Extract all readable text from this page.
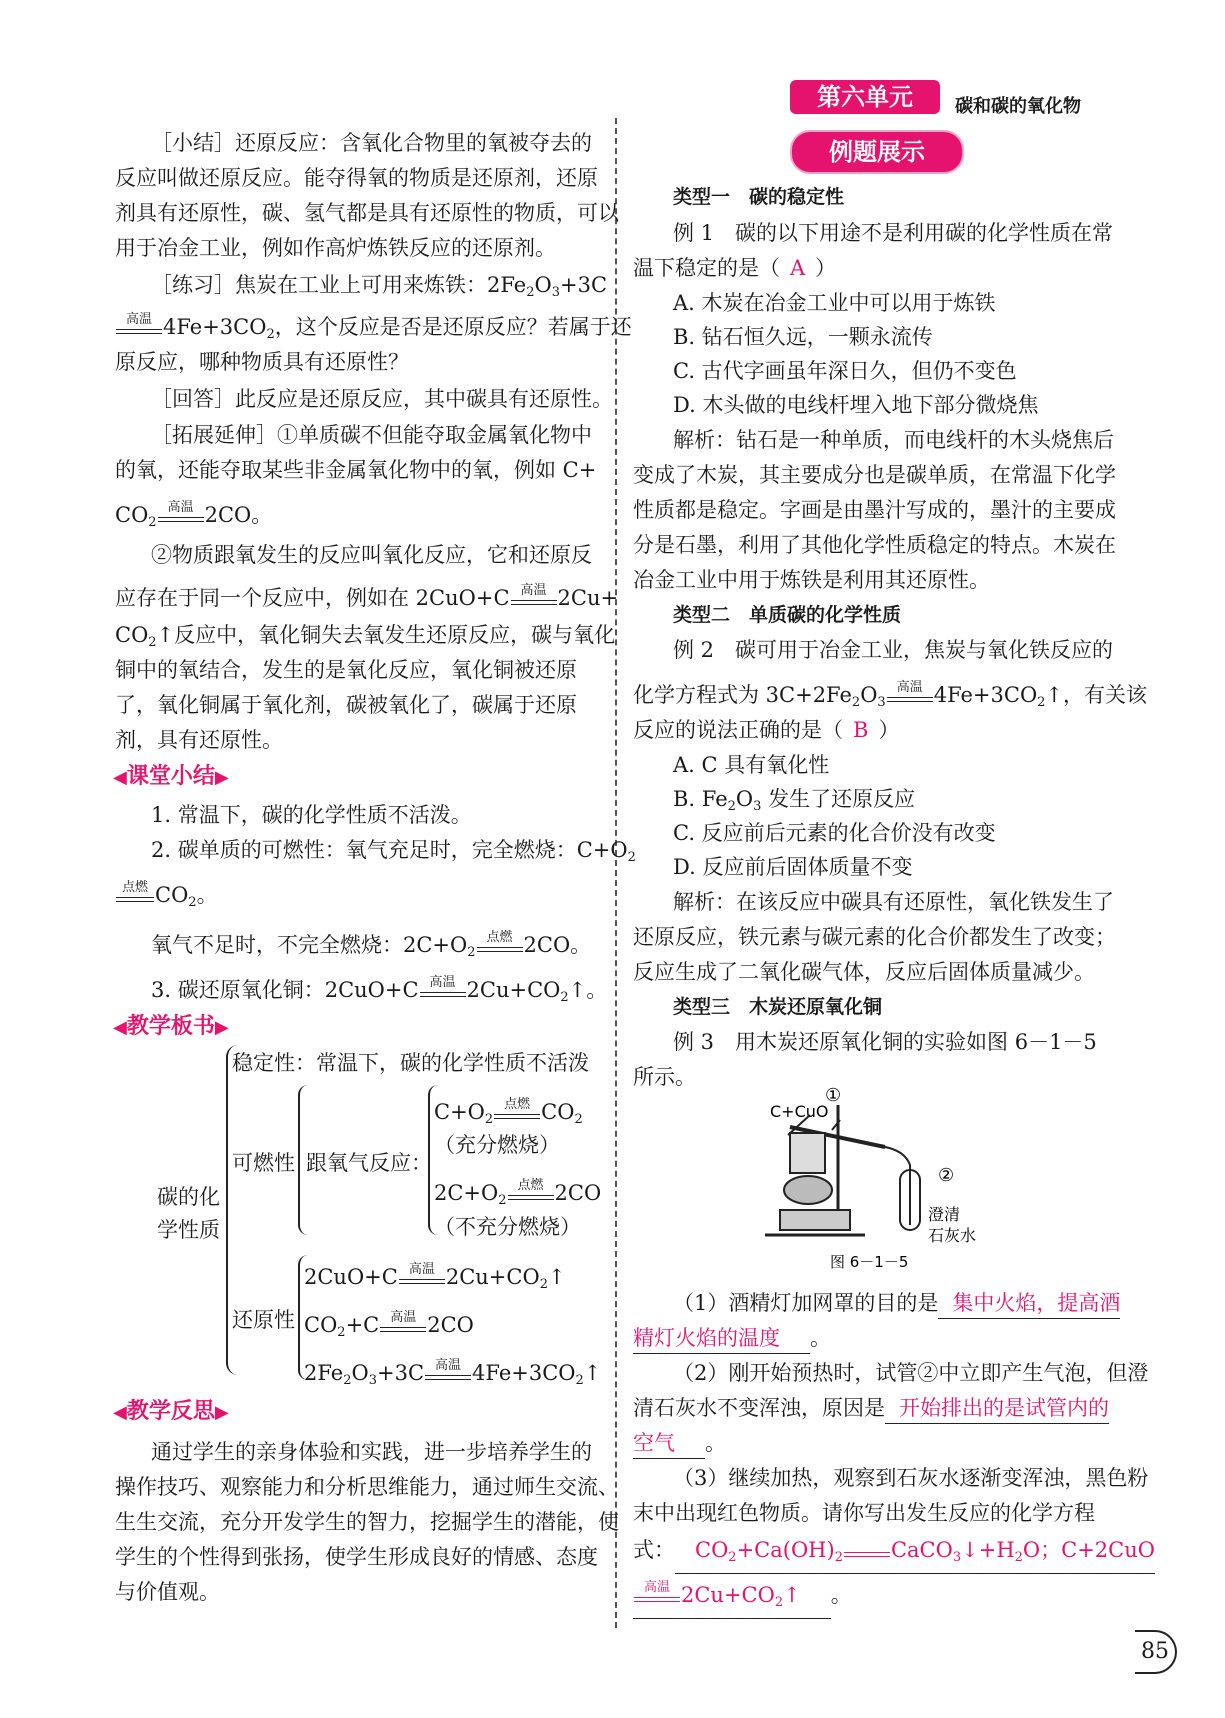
第六单元	碳和碳的氧化物
例题展示
［小结］还原反应：含氧化合物里的氧被夺去的
反应叫做还原反应。能夺得氧的物质是还原剂，还原
剂具有还原性，碳、氢气都是具有还原性的物质，可以
用于冶金工业，例如作高炉炼铁反应的还原剂。
［练习］焦炭在工业上可用来炼铁：$2Fe_2O_3+3C$
高温 $4Fe+3CO_2$，这个反应是否是还原反应？若属于还
原反应，哪种物质具有还原性？
［回答］此反应是还原反应，其中碳具有还原性。
［拓展延伸］①单质碳不但能夺取金属氧化物中
的氧，还能夺取某些非金属氧化物中的氧，例如 C+
$CO_2$
高温 2CO。
②物质跟氧发生的反应叫氧化反应，它和还原反
应存在于同一个反应中，例如在 2CuO+C 高温 2Cu+
$CO_2↑$反应中，氧化铜失去氧发生还原反应，碳与氧化
铜中的氧结合，发生的是氧化反应，氧化铜被还原
了，氧化铜属于氧化剂，碳被氧化了，碳属于还原
剂，具有还原性。
◀课堂小结▶
1. 常温下，碳的化学性质不活泼。
2. 碳单质的可燃性：氧气充足时，完全燃烧：$C+O_2$
点燃 $CO_2$。
氧气不足时，不完全燃烧：$2C+O_2$
点燃 2CO。
3. 碳还原氧化铜：2CuO+C 高温 $2Cu+CO_2↑$。
◀教学板书▶
碳的化
学性质
稳定性：常温下，碳的化学性质不活泼
可燃性 跟氧气反应：
$C+O_2$
点燃 $CO_2$
（充分燃烧）
$2C+O_2$
点燃 2CO
（不充分燃烧）
还原性
2CuO+C 高温 $2Cu+CO_2↑$
$CO_2+C$ 高温 2CO
$2Fe_2O_3+3C$ 高温 $4Fe+3CO_2↑$
◀教学反思▶
通过学生的亲身体验和实践，进一步培养学生的
操作技巧、观察能力和分析思维能力，通过师生交流、
生生交流，充分开发学生的智力，挖掘学生的潜能，使
学生的个性得到张扬，使学生形成良好的情感、态度
与价值观。
类型一　碳的稳定性
例 1　碳的以下用途不是利用碳的化学性质在常
温下稳定的是（ A ）
A. 木炭在冶金工业中可以用于炼铁
B. 钻石恒久远，一颗永流传
C. 古代字画虽年深日久，但仍不变色
D. 木头做的电线杆埋入地下部分微烧焦
解析：钻石是一种单质，而电线杆的木头烧焦后
变成了木炭，其主要成分也是碳单质，在常温下化学
性质都是稳定。字画是由墨汁写成的，墨汁的主要成
分是石墨，利用了其他化学性质稳定的特点。木炭在
冶金工业中用于炼铁是利用其还原性。
类型二　单质碳的化学性质
例 2　碳可用于冶金工业，焦炭与氧化铁反应的
化学方程式为 $3C+2Fe_2O_3$
高温 $4Fe+3CO_2↑$，有关该
反应的说法正确的是（ B ）
A. C 具有氧化性
B. $Fe_2O_3$ 发生了还原反应
C. 反应前后元素的化合价没有改变
D. 反应前后固体质量不变
解析：在该反应中碳具有还原性，氧化铁发生了
还原反应，铁元素与碳元素的化合价都发生了改变；
反应生成了二氧化碳气体，反应后固体质量减少。
类型三　木炭还原氧化铜
例 3　用木炭还原氧化铜的实验如图 6－1－5
所示。
C+CuO
①
②
澄清
石灰水
图 6－1－5
（1）酒精灯加网罩的目的是 集中火焰，提高酒
精灯火焰的温度 。
（2）刚开始预热时，试管②中立即产生气泡，但澄
清石灰水不变浑浊，原因是 开始排出的是试管内的
空气 。
（3）继续加热，观察到石灰水逐渐变浑浊，黑色粉
末中出现红色物质。请你写出发生反应的化学方程
式： $CO_2+Ca(OH)_2$ $CaCO_3↓+H_2O$；C+2CuO
高温 $2Cu+CO_2↑$ 。
85
